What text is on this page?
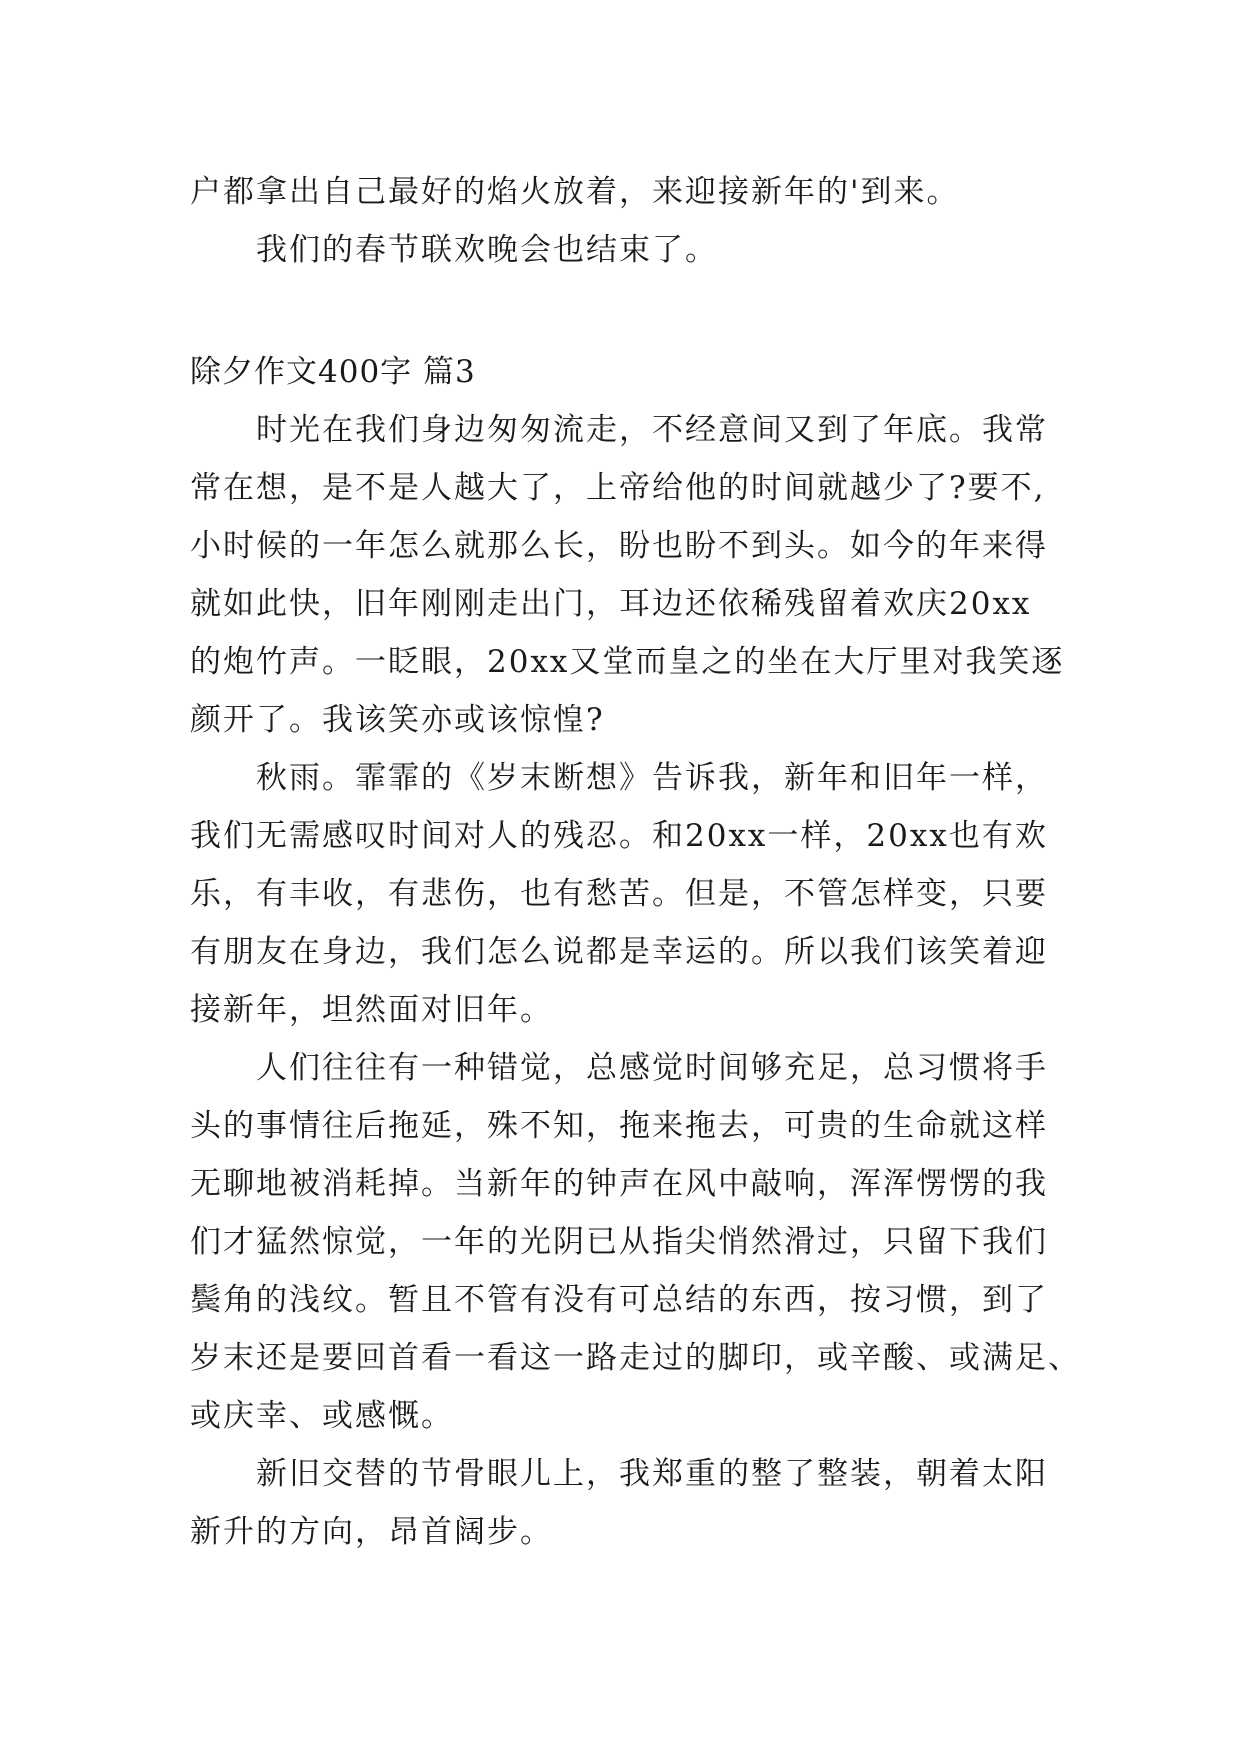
户都拿出自己最好的焰火放着，来迎接新年的'到来。
我们的春节联欢晚会也结束了。
除夕作文400字 篇3
时光在我们身边匆匆流走，不经意间又到了年底。我常
常在想，是不是人越大了，上帝给他的时间就越少了?要不,
小时候的一年怎么就那么长，盼也盼不到头。如今的年来得
就如此快，旧年刚刚走出门，耳边还依稀残留着欢庆20xx
的炮竹声。一眨眼，20xx又堂而皇之的坐在大厅里对我笑逐
颜开了。我该笑亦或该惊惶?
秋雨。霏霏的《岁末断想》告诉我，新年和旧年一样，
我们无需感叹时间对人的残忍。和20xx一样，20xx也有欢
乐，有丰收，有悲伤，也有愁苦。但是，不管怎样变，只要
有朋友在身边，我们怎么说都是幸运的。所以我们该笑着迎
接新年，坦然面对旧年。
人们往往有一种错觉，总感觉时间够充足，总习惯将手
头的事情往后拖延，殊不知，拖来拖去，可贵的生命就这样
无聊地被消耗掉。当新年的钟声在风中敲响，浑浑愣愣的我
们才猛然惊觉，一年的光阴已从指尖悄然滑过，只留下我们
鬓角的浅纹。暂且不管有没有可总结的东西，按习惯，到了
岁末还是要回首看一看这一路走过的脚印，或辛酸、或满足、
或庆幸、或感慨。
新旧交替的节骨眼儿上，我郑重的整了整装，朝着太阳
新升的方向，昂首阔步。
